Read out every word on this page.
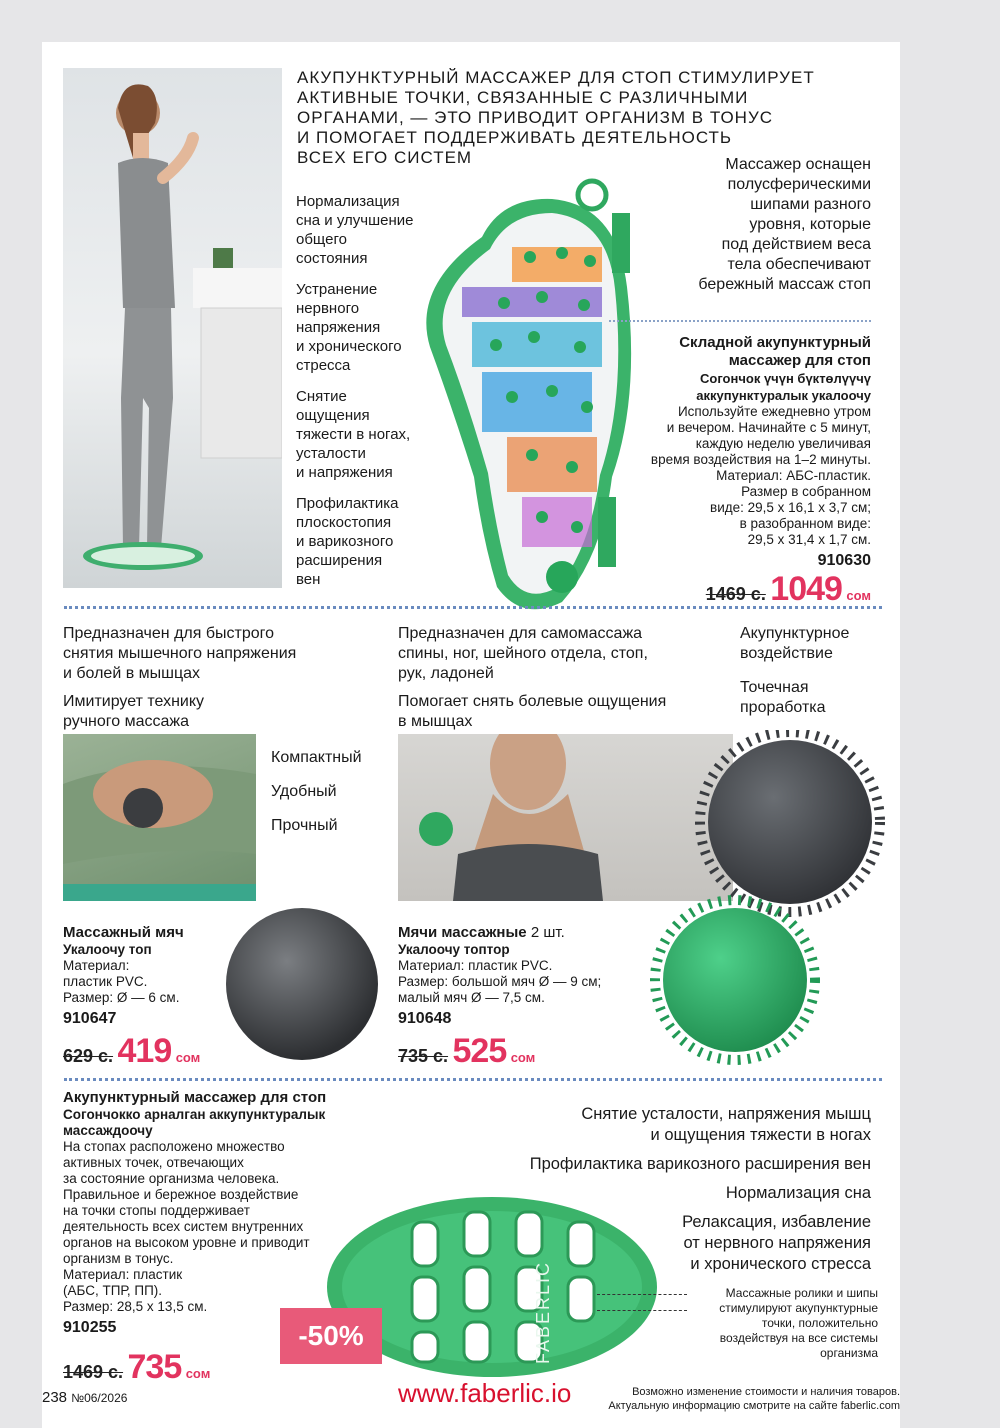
АКУПУНКТУРНЫЙ МАССАЖЕР ДЛЯ СТОП СТИМУЛИРУЕТ
АКТИВНЫЕ ТОЧКИ, СВЯЗАННЫЕ С РАЗЛИЧНЫМИ
ОРГАНАМИ, — ЭТО ПРИВОДИТ ОРГАНИЗМ В ТОНУС
И ПОМОГАЕТ ПОДДЕРЖИВАТЬ ДЕЯТЕЛЬНОСТЬ
ВСЕХ ЕГО СИСТЕМ
Нормализация
сна и улучшение
общего
состояния
Устранение
нервного
напряжения
и хронического
стресса
Снятие
ощущения
тяжести в ногах,
усталости
и напряжения
Профилактика
плоскостопия
и варикозного
расширения
вен
Массажер оснащен
полусферическими
шипами разного
уровня, которые
под действием веса
тела обеспечивают
бережный массаж стоп
Складной акупунктурный
массажер для стоп
Согончок үчүн бүктөлүүчү
аккупунктуралык укалоочу
Используйте ежедневно утром
и вечером. Начинайте с 5 минут,
каждую неделю увеличивая
время воздействия на 1–2 минуты.
Материал: АБС-пластик.
Размер в собранном
виде: 29,5 х 16,1 х 3,7 см;
в разобранном виде:
29,5 х 31,4 х 1,7 см.
910630
1469 с. 1049 сом
Предназначен для быстрого
снятия мышечного напряжения
и болей в мышцах
Имитирует технику
ручного массажа
Компактный
Удобный
Прочный
Массажный мяч
Укалоочу топ
Материал:
пластик PVC.
Размер: Ø — 6 см.
910647
629 с. 419 сом
Предназначен для самомассажа
спины, ног, шейного отдела, стоп,
рук, ладоней
Помогает снять болевые ощущения
в мышцах
Акупунктурное
воздействие
Точечная
проработка
Мячи массажные 2 шт.
Укалоочу топтор
Материал: пластик PVC.
Размер: большой мяч Ø — 9 см;
малый мяч Ø — 7,5 см.
910648
735 с. 525 сом
Акупунктурный массажер для стоп
Согончокко арналган аккупунктуралык
массаждоочу
На стопах расположено множество
активных точек, отвечающих
за состояние организма человека.
Правильное и бережное воздействие
на точки стопы поддерживает
деятельность всех систем внутренних
органов на высоком уровне и приводит
организм в тонус.
Материал: пластик
(АБС, ТПР, ПП).
Размер: 28,5 х 13,5 см.
910255	FABERLIC
-50%
1469 с. 735 сом
Снятие усталости, напряжения мышц
и ощущения тяжести в ногах
Профилактика варикозного расширения вен
Нормализация сна
Релаксация, избавление
от нервного напряжения
и хронического стресса
Массажные ролики и шипы
стимулируют акупунктурные
точки, положительно
воздействуя на все системы
организма
238 №06/2026	www.faberlic.io	Возможно изменение стоимости и наличия товаров.
Актуальную информацию смотрите на сайте faberlic.com
